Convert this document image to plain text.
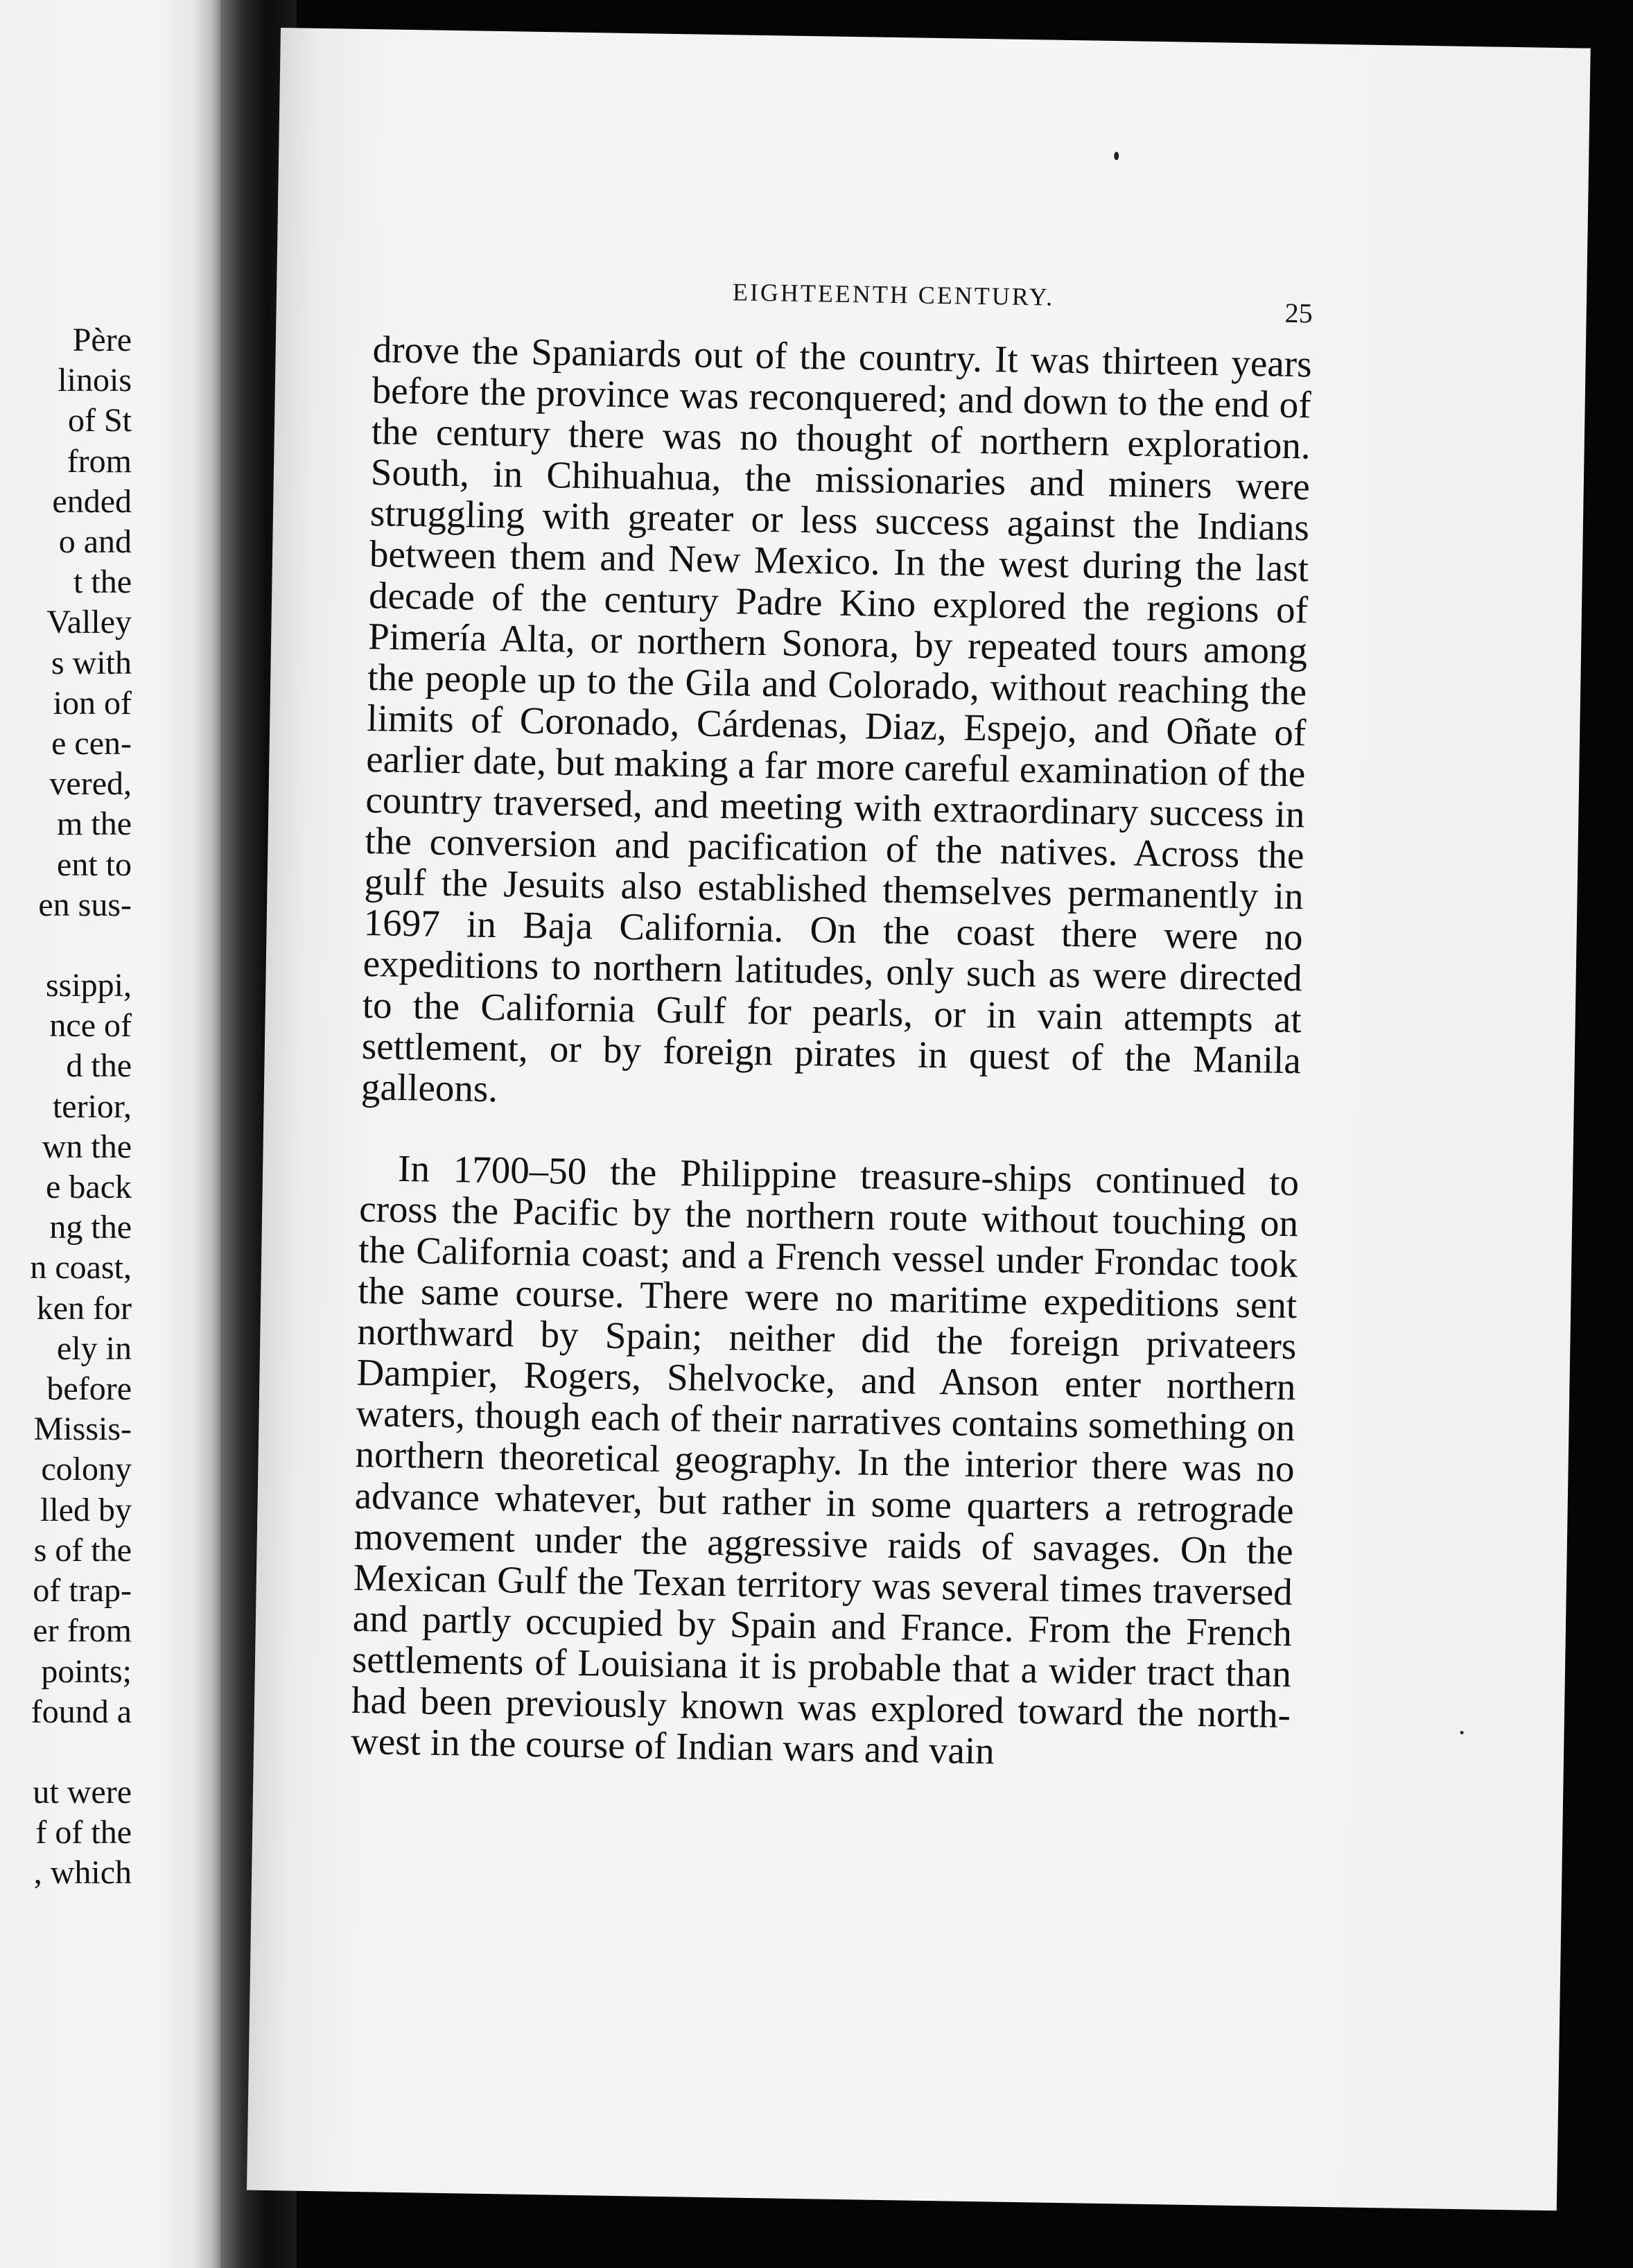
Père
linois
of St
from
ended
o and
t the
Valley
s with
ion of
e cen-
vered,
m the
ent to
en sus-
ssippi,
nce of
d the
terior,
wn the
e back
ng the
n coast,
ken for
ely in
before
Missis-
colony
lled by
s of the
of trap-
er from
points;
found a
ut were
f of the
, which
EIGHTEENTH CENTURY.
25

drove the Spaniards out of the country. It was thirteen years before the province was reconquered; and down to the end of the century there was no thought of northern exploration. South, in Chihuahua, the missionaries and miners were struggling with greater or less success against the Indians between them and New Mexico. In the west during the last decade of the century Padre Kino explored the regions of Pimería Alta, or northern Sonora, by repeated tours among the people up to the Gila and Colorado, without reaching the limits of Coronado, Cárdenas, Diaz, Espejo, and Oñate of earlier date, but making a far more careful examination of the country traversed, and meeting with extraordinary success in the conversion and pacification of the natives. Across the gulf the Jesuits also established themselves permanently in 1697 in Baja California. On the coast there were no expeditions to northern latitudes, only such as were directed to the California Gulf for pearls, or in vain attempts at settlement, or by foreign pirates in quest of the Manila galleons.

In 1700–50 the Philippine treasure-ships continued to cross the Pacific by the northern route without touching on the California coast; and a French vessel under Frondac took the same course. There were no maritime expeditions sent northward by Spain; neither did the foreign privateers Dampier, Rogers, Shelvocke, and Anson enter northern waters, though each of their narratives contains something on northern theoretical geography. In the interior there was no advance whatever, but rather in some quarters a retrograde movement under the aggressive raids of savages. On the Mexican Gulf the Texan territory was several times traversed and partly occupied by Spain and France. From the French settlements of Louisiana it is probable that a wider tract than had been previously known was explored toward the north-west in the course of Indian wars and vain
